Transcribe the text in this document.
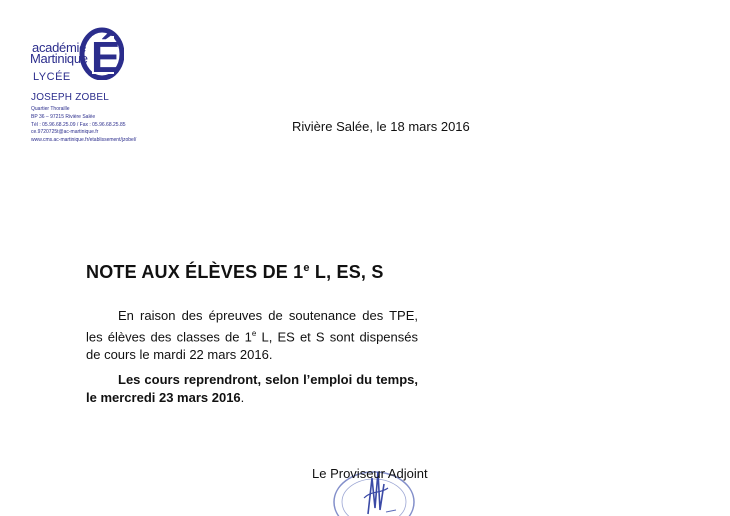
académie
Martinique É
LYCÉE
JOSEPH ZOBEL
Quartier Thoraille
BP 36 – 97215 Rivière Salée
Tél : 05.96.68.25.09 / Fax : 05.96.68.25.85
ce.9720725t@ac-martinique.fr
www.cms.ac-martinique.fr/etablissement/jzobel/
Rivière Salée, le 18 mars 2016
NOTE AUX ÉLÈVES DE 1e L, ES, S
En raison des épreuves de soutenance des TPE, les élèves des classes de 1e L, ES et S sont dispensés de cours le mardi 22 mars 2016.
Les cours reprendront, selon l’emploi du temps, le mercredi 23 mars 2016.
Le Proviseur Adjoint
